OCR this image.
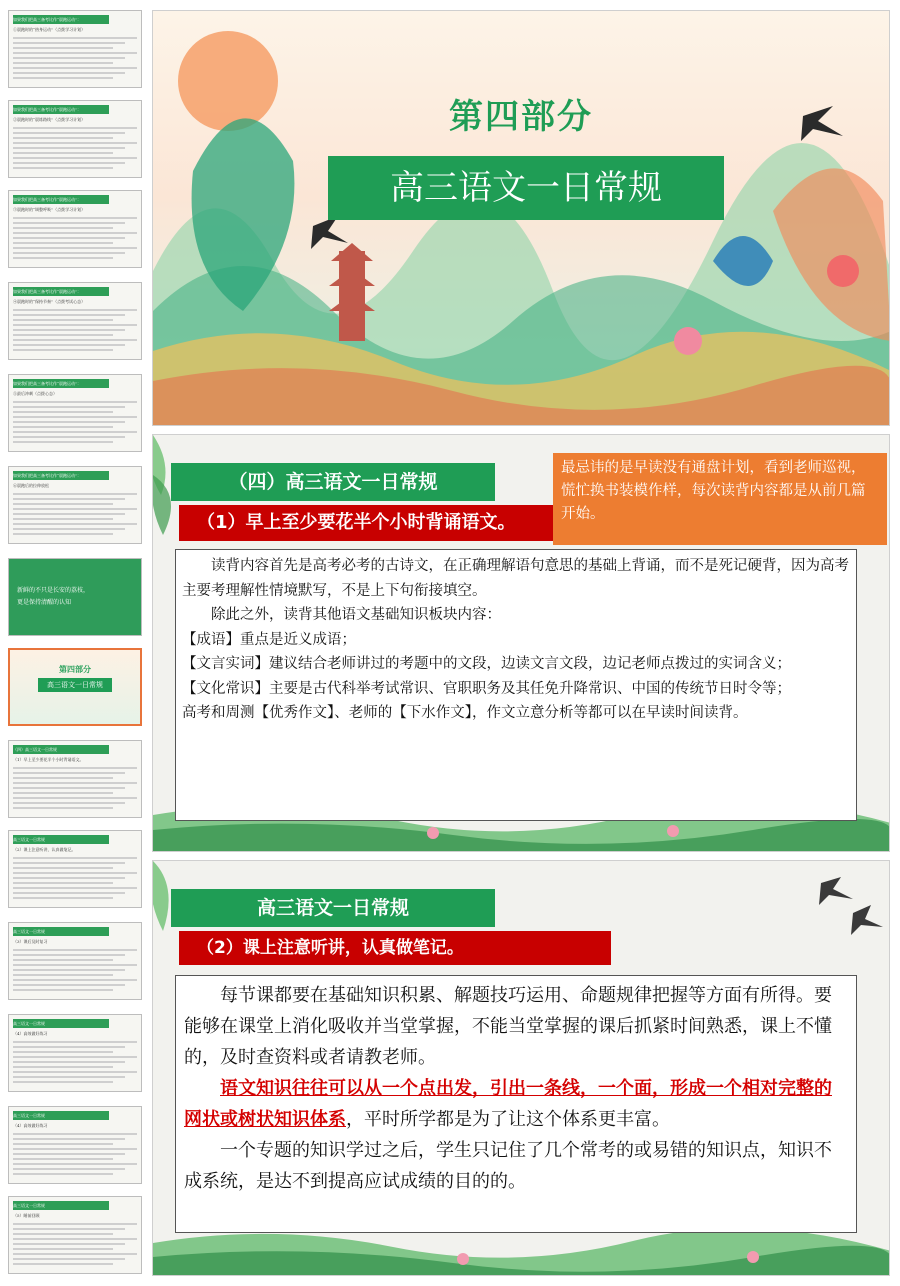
如果我们把高三备考比作“晨跑运动”：
①晨跑时的“热身运动”（点拨学习计划）
如果我们把高三备考比作“晨跑运动”：
②晨跑时的“晨练路线”（点拨学习计划）
如果我们把高三备考比作“晨跑运动”：
③晨跑时的“调整呼吸”（点拨学习计划）
如果我们把高三备考比作“晨跑运动”：
④晨跑时的“保持节奏”（点拨考试心态）
如果我们把高三备考比作“晨跑运动”：
⑤最后冲刺（点拨心态）
如果我们把高三备考比作“晨跑运动”：
⑥晨跑后的拉伸放松
新鲜的不只是长安的荔枝，
更是保持清醒的认知
第四部分
高三语文一日常规
（四）高三语文一日常规
（1）早上至少要花半个小时背诵语文。
高三语文一日常规
（2）课上注意听讲，认真做笔记。
高三语文一日常规
（3）课后及时复习
高三语文一日常规
（4）高效做好练习
高三语文一日常规
（4）高效做好练习
高三语文一日常规
（5）睡前回顾
第四部分
高三语文一日常规
（四）高三语文一日常规
（1）早上至少要花半个小时背诵语文。
最忌讳的是早读没有通盘计划，看到老师巡视，慌忙换书装模作样，每次读背内容都是从前几篇开始。

读背内容首先是高考必考的古诗文，在正确理解语句意思的基础上背诵，而不是死记硬背，因为高考主要考理解性情境默写，不是上下句衔接填空。

除此之外，读背其他语文基础知识板块内容：

【成语】重点是近义成语；

【文言实词】建议结合老师讲过的考题中的文段，边读文言文段，边记老师点拨过的实词含义；

【文化常识】主要是古代科举考试常识、官职职务及其任免升降常识、中国的传统节日时令等；

高考和周测【优秀作文】、老师的【下水作文】，作文立意分析等都可以在早读时间读背。

高三语文一日常规
（2）课上注意听讲，认真做笔记。

每节课都要在基础知识积累、解题技巧运用、命题规律把握等方面有所得。要能够在课堂上消化吸收并当堂掌握，不能当堂掌握的课后抓紧时间熟悉，课上不懂的，及时查资料或者请教老师。

语文知识往往可以从一个点出发，引出一条线，一个面，形成一个相对完整的网状或树状知识体系，平时所学都是为了让这个体系更丰富。

一个专题的知识学过之后，学生只记住了几个常考的或易错的知识点，知识不成系统，是达不到提高应试成绩的目的的。
